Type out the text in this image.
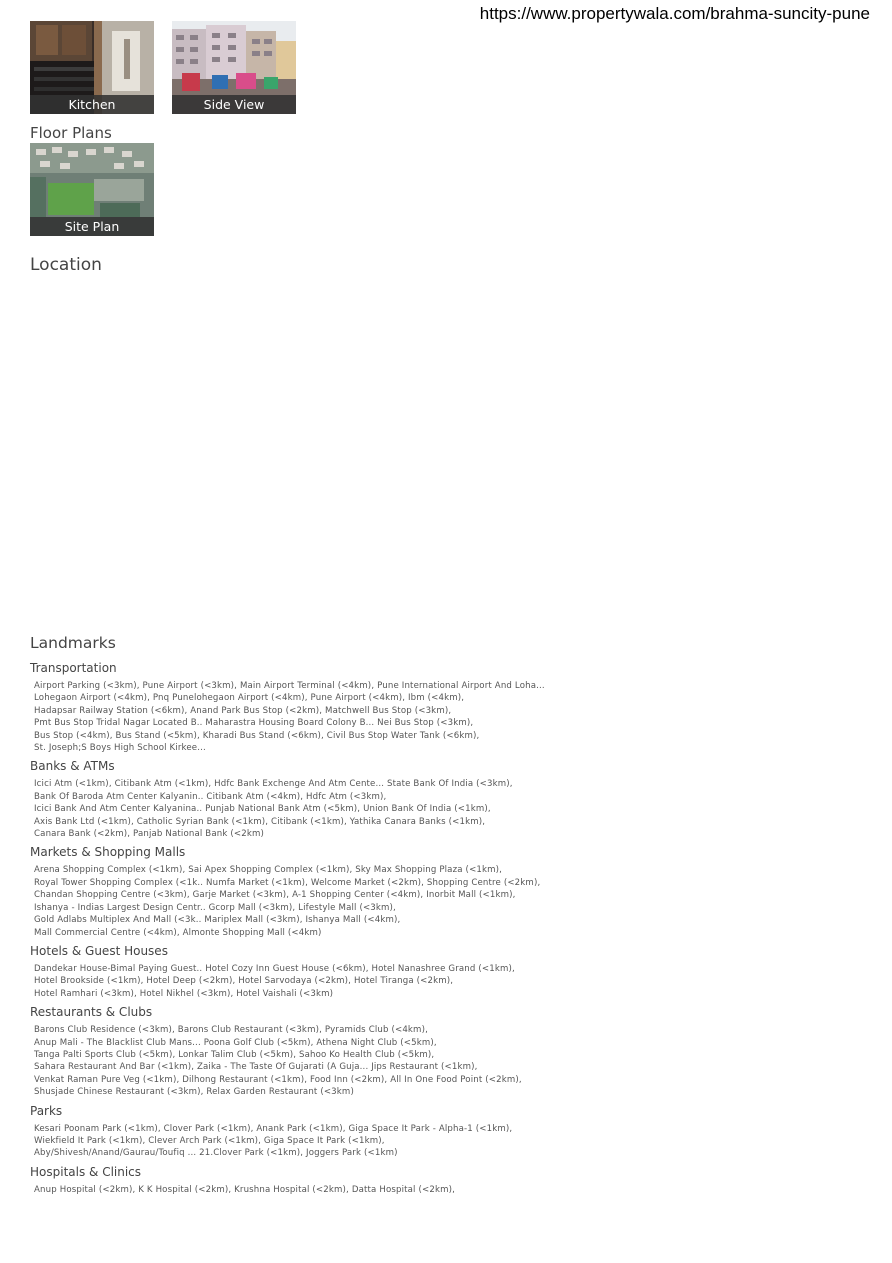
https://www.propertywala.com/brahma-suncity-pune
Kitchen	Side View
Floor Plans
Site Plan
Location
Landmarks
Transportation
Airport Parking (<3km), Pune Airport (<3km), Main Airport Terminal (<4km), Pune International Airport And Loha...
Lohegaon Airport (<4km), Pnq Punelohegaon Airport (<4km), Pune Airport (<4km), Ibm (<4km),
Hadapsar Railway Station (<6km), Anand Park Bus Stop (<2km), Matchwell Bus Stop (<3km),
Pmt Bus Stop Tridal Nagar Located B.. Maharastra Housing Board Colony B... Nei Bus Stop (<3km),
Bus Stop (<4km), Bus Stand (<5km), Kharadi Bus Stand (<6km), Civil Bus Stop Water Tank (<6km),
St. Joseph;S Boys High School Kirkee...
Banks & ATMs
Icici Atm (<1km), Citibank Atm (<1km), Hdfc Bank Exchenge And Atm Cente... State Bank Of India (<3km),
Bank Of Baroda Atm Center Kalyanin.. Citibank Atm (<4km), Hdfc Atm (<3km),
Icici Bank And Atm Center Kalyanina.. Punjab National Bank Atm (<5km), Union Bank Of India (<1km),
Axis Bank Ltd (<1km), Catholic Syrian Bank (<1km), Citibank (<1km), Yathika Canara Banks (<1km),
Canara Bank (<2km), Panjab National Bank (<2km)
Markets & Shopping Malls
Arena Shopping Complex (<1km), Sai Apex Shopping Complex (<1km), Sky Max Shopping Plaza (<1km),
Royal Tower Shopping Complex (<1k.. Numfa Market (<1km), Welcome Market (<2km), Shopping Centre (<2km),
Chandan Shopping Centre (<3km), Garje Market (<3km), A-1 Shopping Center (<4km), Inorbit Mall (<1km),
Ishanya - Indias Largest Design Centr.. Gcorp Mall (<3km), Lifestyle Mall (<3km),
Gold Adlabs Multiplex And Mall (<3k.. Mariplex Mall (<3km), Ishanya Mall (<4km),
Mall Commercial Centre (<4km), Almonte Shopping Mall (<4km)
Hotels & Guest Houses
Dandekar House-Bimal Paying Guest.. Hotel Cozy Inn Guest House (<6km), Hotel Nanashree Grand (<1km),
Hotel Brookside (<1km), Hotel Deep (<2km), Hotel Sarvodaya (<2km), Hotel Tiranga (<2km),
Hotel Ramhari (<3km), Hotel Nikhel (<3km), Hotel Vaishali (<3km)
Restaurants & Clubs
Barons Club Residence (<3km), Barons Club Restaurant (<3km), Pyramids Club (<4km),
Anup Mali - The Blacklist Club Mans... Poona Golf Club (<5km), Athena Night Club (<5km),
Tanga Palti Sports Club (<5km), Lonkar Talim Club (<5km), Sahoo Ko Health Club (<5km),
Sahara Restaurant And Bar (<1km), Zaika - The Taste Of Gujarati (A Guja... Jips Restaurant (<1km),
Venkat Raman Pure Veg (<1km), Dilhong Restaurant (<1km), Food Inn (<2km), All In One Food Point (<2km),
Shusjade Chinese Restaurant (<3km), Relax Garden Restaurant (<3km)
Parks
Kesari Poonam Park (<1km), Clover Park (<1km), Anank Park (<1km), Giga Space It Park - Alpha-1 (<1km),
Wiekfield It Park (<1km), Clever Arch Park (<1km), Giga Space It Park (<1km),
Aby/Shivesh/Anand/Gaurau/Toufiq ... 21.Clover Park (<1km), Joggers Park (<1km)
Hospitals & Clinics
Anup Hospital (<2km), K K Hospital (<2km), Krushna Hospital (<2km), Datta Hospital (<2km),
